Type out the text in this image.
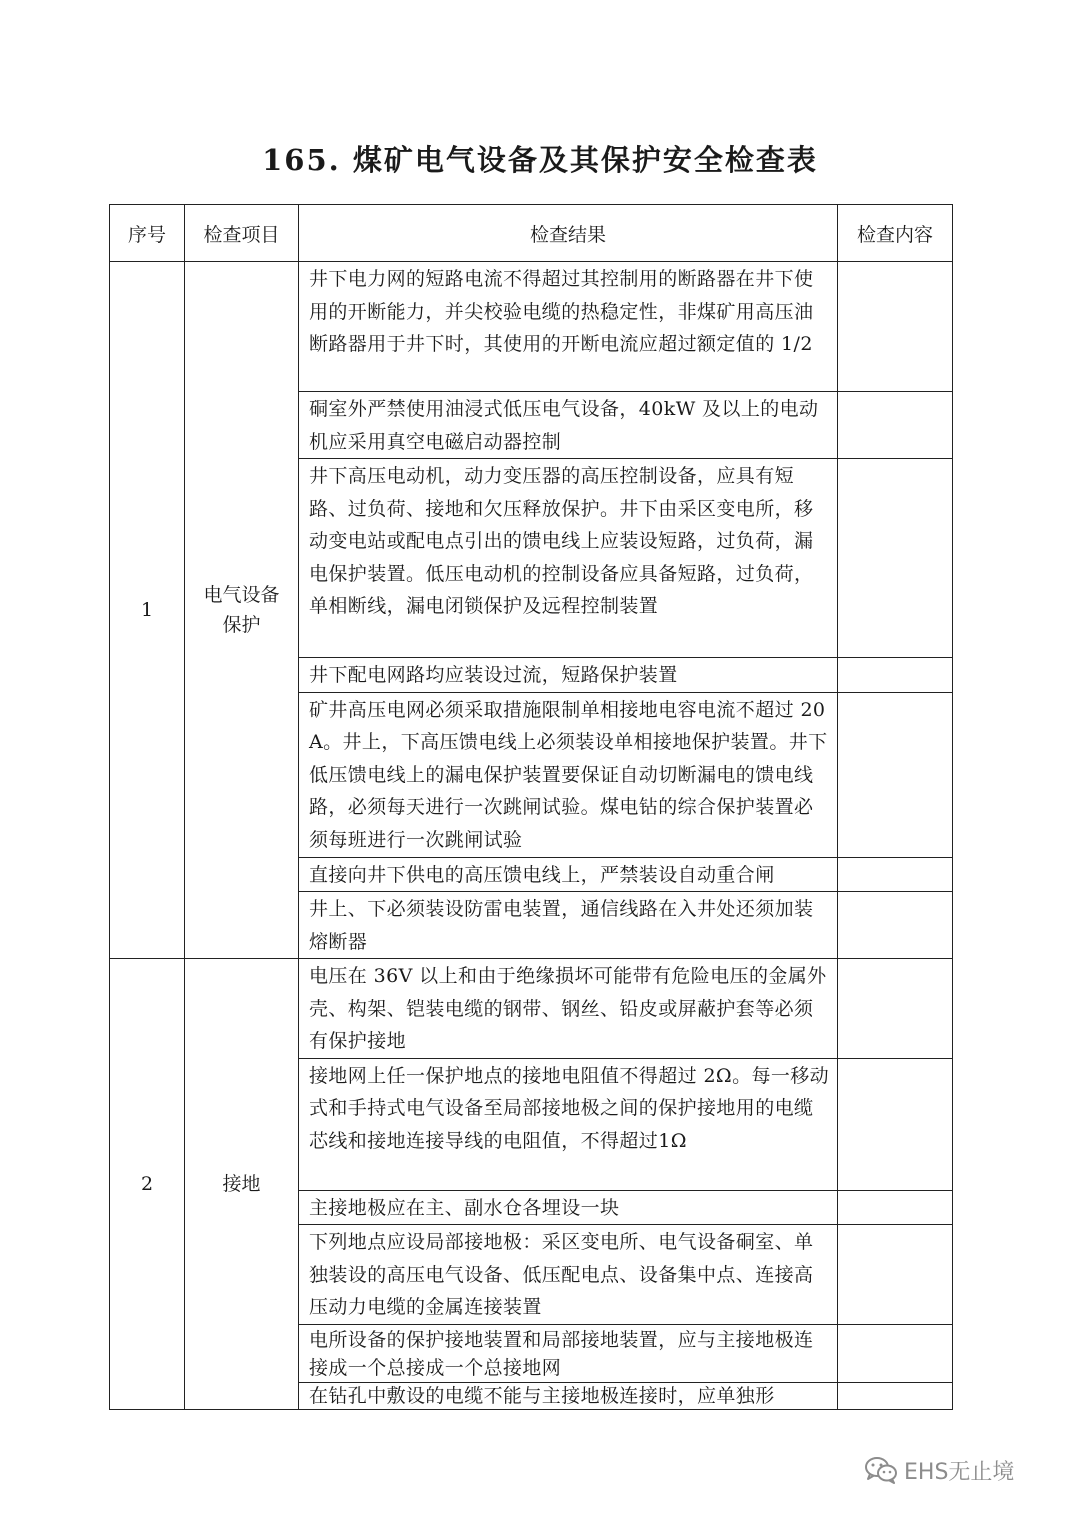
165. 煤矿电气设备及其保护安全检查表
序号	检查项目	检查结果	检查内容
1	电气设备保护	井下电力网的短路电流不得超过其控制用的断路器在井下使用的开断能力，并尖校验电缆的热稳定性，非煤矿用高压油断路器用于井下时，其使用的开断电流应超过额定值的 1/2	
		硐室外严禁使用油浸式低压电气设备，40kW 及以上的电动机应采用真空电磁启动器控制	
		井下高压电动机，动力变压器的高压控制设备，应具有短路、过负荷、接地和欠压释放保护。井下由采区变电所，移动变电站或配电点引出的馈电线上应装设短路，过负荷，漏电保护装置。低压电动机的控制设备应具备短路，过负荷，单相断线，漏电闭锁保护及远程控制装置	
		井下配电网路均应装设过流，短路保护装置	
		矿井高压电网必须采取措施限制单相接地电容电流不超过 20A。井上，下高压馈电线上必须装设单相接地保护装置。井下低压馈电线上的漏电保护装置要保证自动切断漏电的馈电线路，必须每天进行一次跳闸试验。煤电钻的综合保护装置必须每班进行一次跳闸试验	
		直接向井下供电的高压馈电线上，严禁装设自动重合闸	
		井上、下必须装设防雷电装置，通信线路在入井处还须加装熔断器	
2	接地	电压在 36V 以上和由于绝缘损坏可能带有危险电压的金属外壳、构架、铠装电缆的钢带、钢丝、铅皮或屏蔽护套等必须有保护接地	
		接地网上任一保护地点的接地电阻值不得超过 2Ω。每一移动式和手持式电气设备至局部接地极之间的保护接地用的电缆芯线和接地连接导线的电阻值，不得超过1Ω	
		主接地极应在主、副水仓各埋设一块	
		下列地点应设局部接地极：采区变电所、电气设备硐室、单独装设的高压电气设备、低压配电点、设备集中点、连接高压动力电缆的金属连接装置	
		电所设备的保护接地装置和局部接地装置，应与主接地极连接成一个总接成一个总接地网	
		在钻孔中敷设的电缆不能与主接地极连接时，应单独形	
EHS无止境
